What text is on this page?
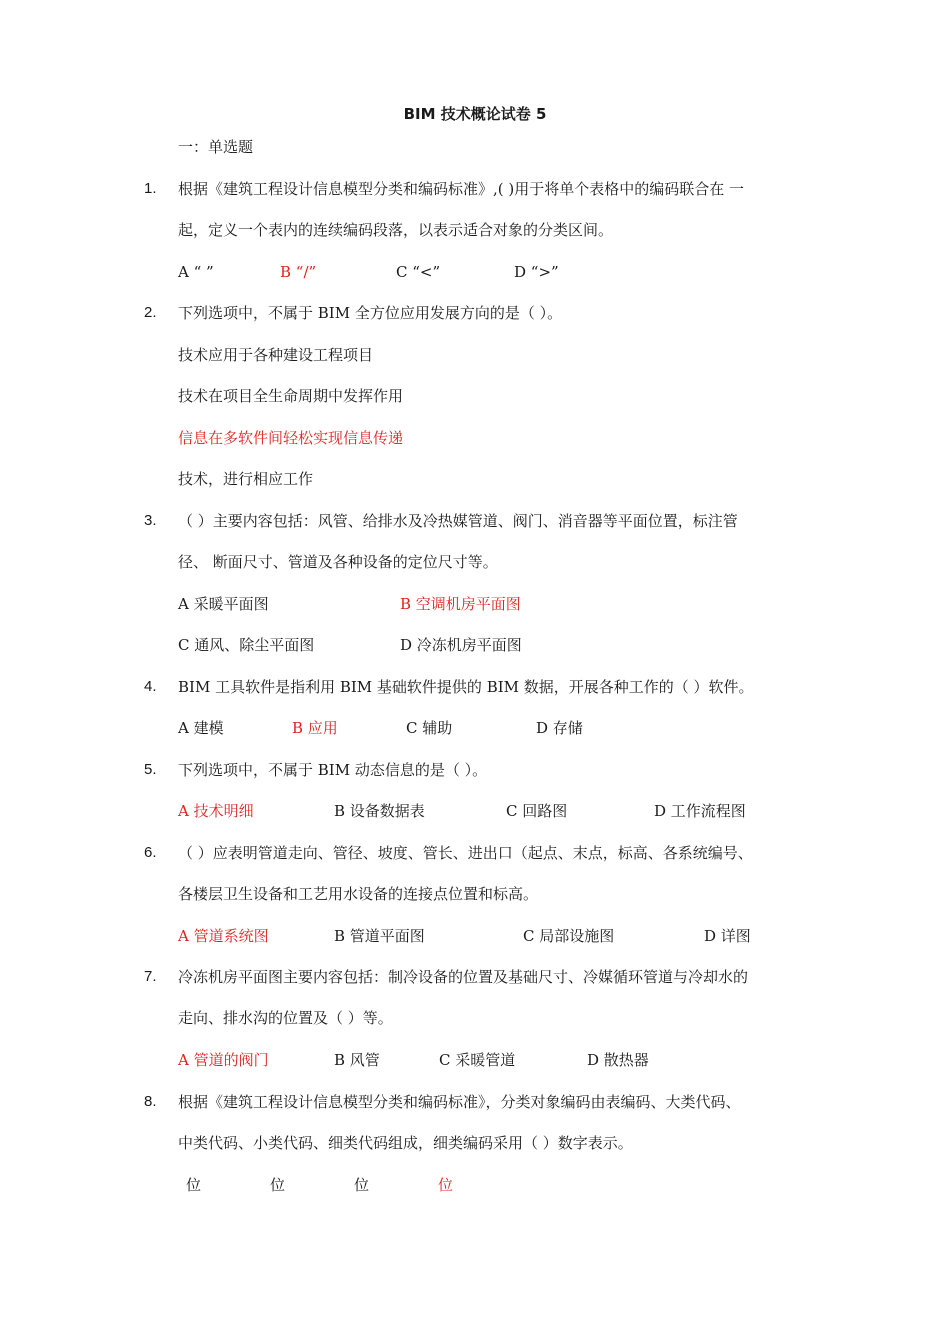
BIM 技术概论试卷 5
一：单选题
1. 根据《建筑工程设计信息模型分类和编码标准》,( )用于将单个表格中的编码联合在 一
起，定义一个表内的连续编码段落，以表示适合对象的分类区间。
A “ ”	B “/”	C “<”	D “>”
2. 下列选项中，不属于 BIM 全方位应用发展方向的是（ ）。
技术应用于各种建设工程项目
技术在项目全生命周期中发挥作用
信息在多软件间轻松实现信息传递
技术，进行相应工作
3. （ ）主要内容包括：风管、给排水及冷热媒管道、阀门、消音器等平面位置，标注管
径、 断面尺寸、管道及各种设备的定位尺寸等。
A 采暖平面图	B 空调机房平面图
C 通风、除尘平面图	D 冷冻机房平面图
4. BIM 工具软件是指利用 BIM 基础软件提供的 BIM 数据，开展各种工作的（ ）软件。
A 建模	B 应用	C 辅助	D 存储
5. 下列选项中，不属于 BIM 动态信息的是（ ）。
A 技术明细	B 设备数据表	C 回路图	D 工作流程图
6. （ ）应表明管道走向、管径、坡度、管长、进出口（起点、末点，标高、各系统编号、
各楼层卫生设备和工艺用水设备的连接点位置和标高。
A 管道系统图	B 管道平面图	C 局部设施图	D 详图
7. 冷冻机房平面图主要内容包括：制冷设备的位置及基础尺寸、冷媒循环管道与冷却水的
走向、排水沟的位置及（ ）等。
A 管道的阀门	B 风管	C 采暖管道	D 散热器
8. 根据《建筑工程设计信息模型分类和编码标准》，分类对象编码由表编码、大类代码、
中类代码、小类代码、细类代码组成，细类编码采用（ ）数字表示。
位	位	位	位
